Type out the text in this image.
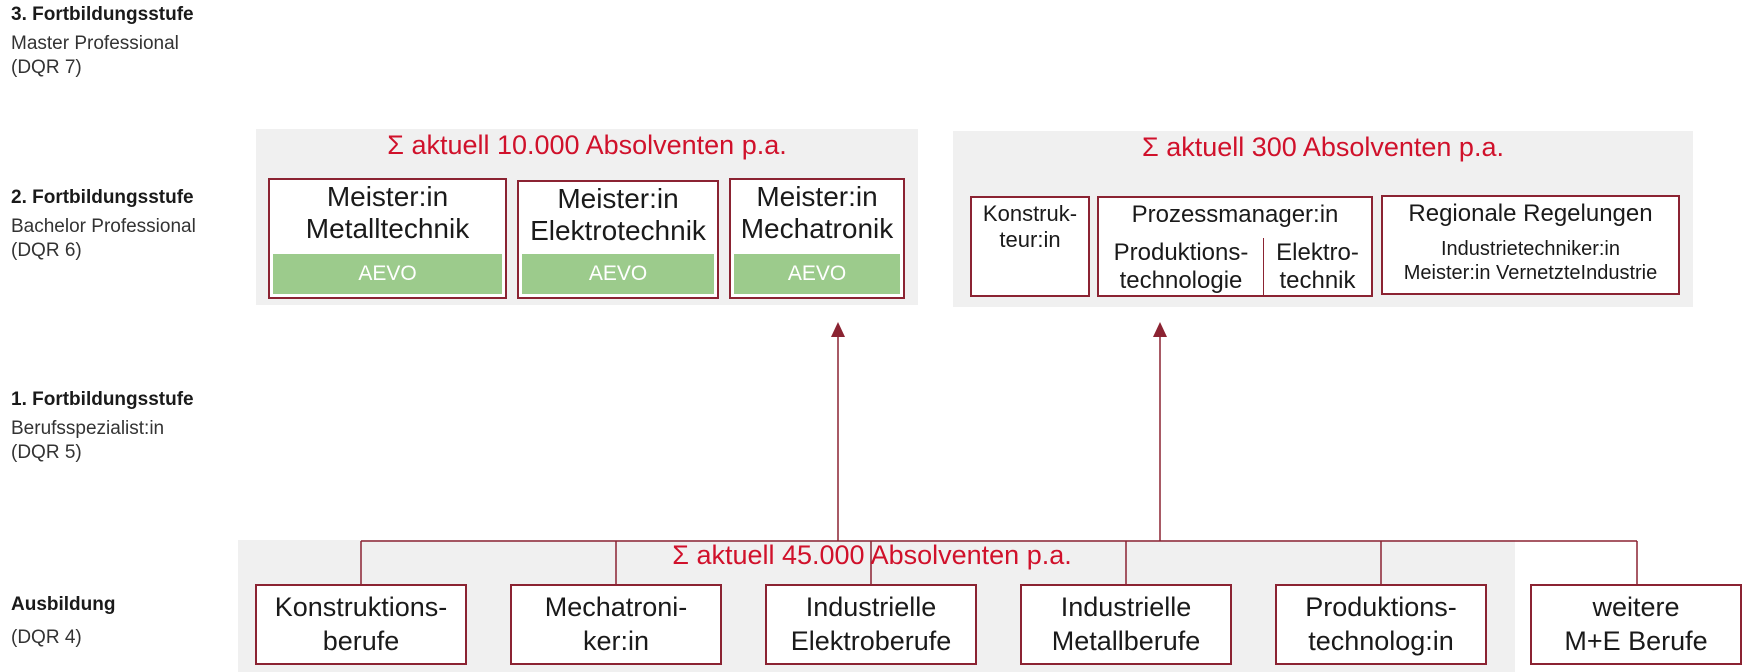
3. Fortbildungsstufe
Master Professional
(DQR 7)
2. Fortbildungsstufe
Bachelor Professional
(DQR 6)
1. Fortbildungsstufe
Berufsspezialist:in
(DQR 5)
Ausbildung
(DQR 4)
Σ aktuell 10.000 Absolventen p.a.
Meister:in
Metalltechnik
AEVO
Meister:in
Elektrotechnik
AEVO
Meister:in
Mechatronik
AEVO
Σ aktuell 300 Absolventen p.a.
Konstruk-
teur:in
Prozessmanager:in
Produktions-
technologie
Elektro-
technik
Regionale Regelungen
Industrietechniker:in
Meister:in VernetzteIndustrie
Σ aktuell 45.000 Absolventen p.a.
Konstruktions-
berufe
Mechatroni-
ker:in
Industrielle
Elektroberufe
Industrielle
Metallberufe
Produktions-
technolog:in
weitere
M+E Berufe
